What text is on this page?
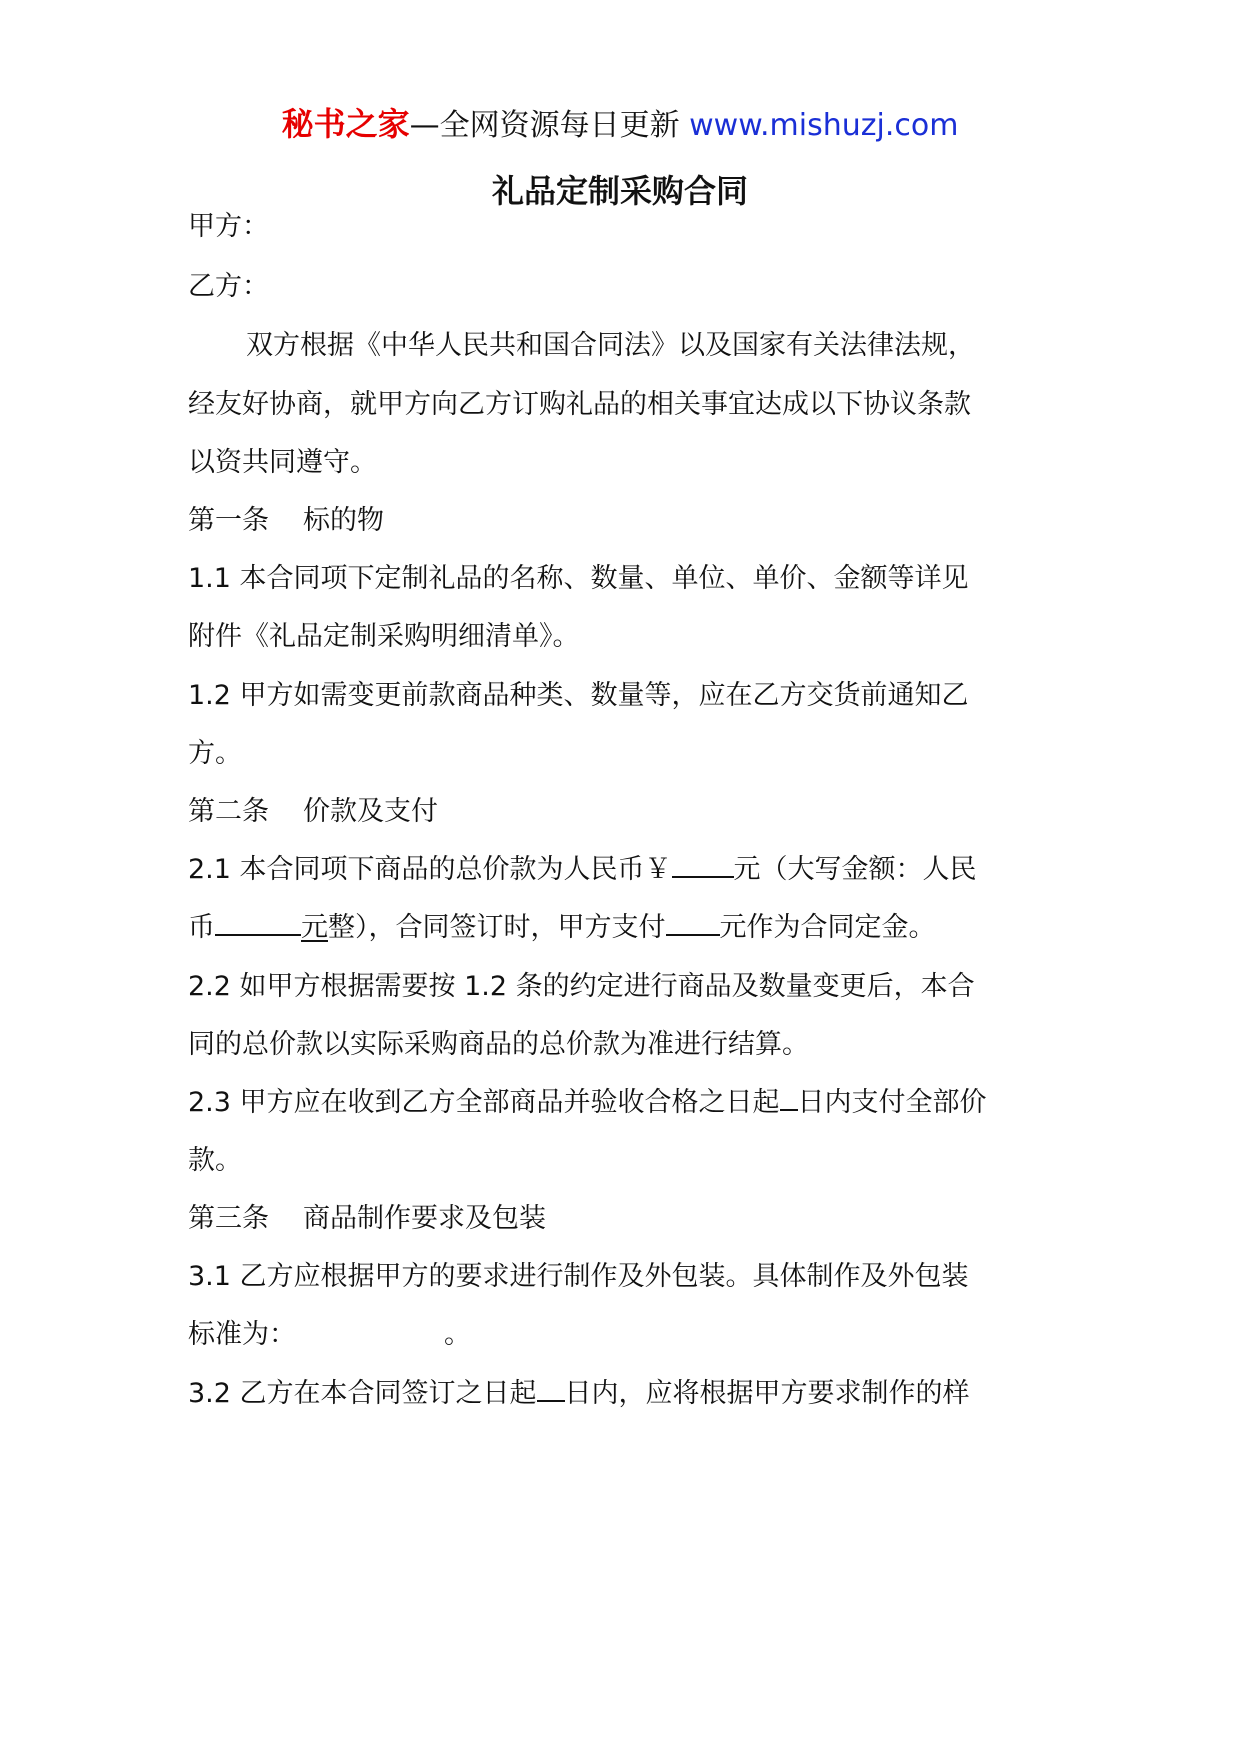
秘书之家—全网资源每日更新 www.mishuzj.com
礼品定制采购合同
甲方：
乙方：
双方根据《中华人民共和国合同法》以及国家有关法律法规，
经友好协商，就甲方向乙方订购礼品的相关事宜达成以下协议条款
以资共同遵守。
第一条 标的物
1.1 本合同项下定制礼品的名称、数量、单位、单价、金额等详见
附件《礼品定制采购明细清单》。
1.2 甲方如需变更前款商品种类、数量等，应在乙方交货前通知乙
方。
第二条 价款及支付
2.1 本合同项下商品的总价款为人民币￥ 元（大写金额：人民
币	元整），合同签订时，甲方支付 元作为合同定金。
2.2 如甲方根据需要按 1.2 条的约定进行商品及数量变更后，本合
同的总价款以实际采购商品的总价款为准进行结算。
2.3 甲方应在收到乙方全部商品并验收合格之日起 日内支付全部价
款。
第三条 商品制作要求及包装
3.1 乙方应根据甲方的要求进行制作及外包装。具体制作及外包装
标准为：	。
3.2 乙方在本合同签订之日起 日内，应将根据甲方要求制作的样
